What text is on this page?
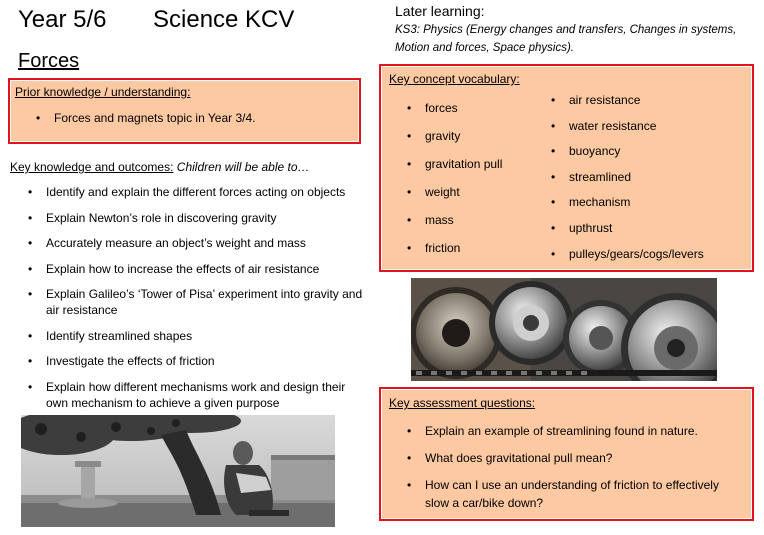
Year 5/6 Science KCV
Forces
Prior knowledge / understanding:
• Forces and magnets topic in Year 3/4.
Key knowledge and outcomes: Children will be able to…
• Identify and explain the different forces acting on objects
• Explain Newton’s role in discovering gravity
• Accurately measure an object’s weight and mass
• Explain how to increase the effects of air resistance
• Explain Galileo’s ‘Tower of Pisa’ experiment into gravity and air resistance
• Identify streamlined shapes
• Investigate the effects of friction
• Explain how different mechanisms work and design their own mechanism to achieve a given purpose
Later learning:
KS3: Physics (Energy changes and transfers, Changes in systems, Motion and forces, Space physics).
Key concept vocabulary:
• forces
• gravity
• gravitation pull
• weight
• mass
• friction
• air resistance
• water resistance
• buoyancy
• streamlined
• mechanism
• upthrust
• pulleys/gears/cogs/levers
Key assessment questions:
• Explain an example of streamlining found in nature.
• What does gravitational pull mean?
• How can I use an understanding of friction to effectively slow a car/bike down?
